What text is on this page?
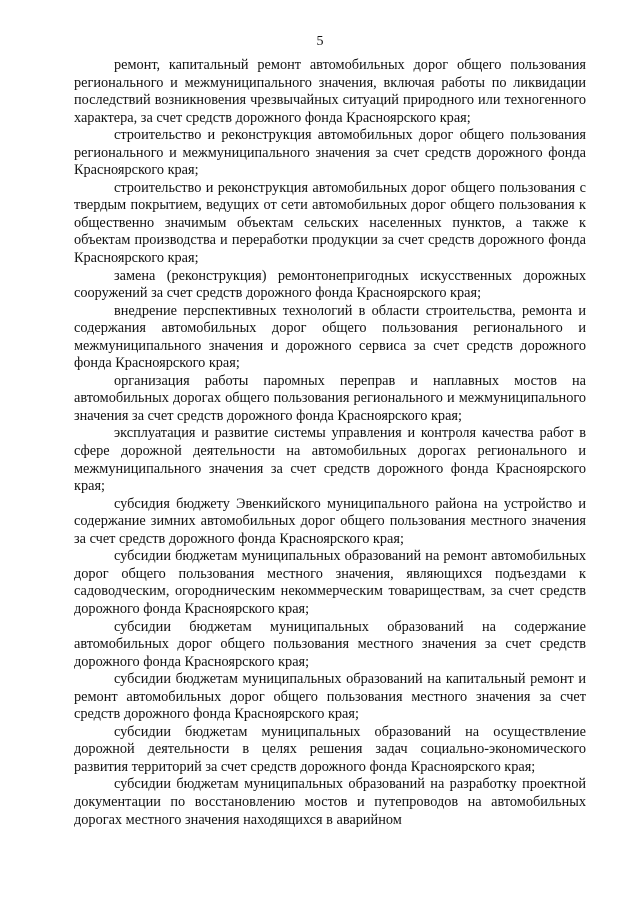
5

ремонт, капитальный ремонт автомобильных дорог общего пользования регионального и межмуниципального значения, включая работы по ликвидации последствий возникновения чрезвычайных ситуаций природного или техногенного характера, за счет средств дорожного фонда Красноярского края;

строительство и реконструкция автомобильных дорог общего пользования регионального и межмуниципального значения за счет средств дорожного фонда Красноярского края;

строительство и реконструкция автомобильных дорог общего пользования с твердым покрытием, ведущих от сети автомобильных дорог общего пользования к общественно значимым объектам сельских населенных пунктов, а также к объектам производства и переработки продукции за счет средств дорожного фонда Красноярского края;

замена (реконструкция) ремонтонепригодных искусственных дорожных сооружений за счет средств дорожного фонда Красноярского края;

внедрение перспективных технологий в области строительства, ремонта и содержания автомобильных дорог общего пользования регионального и межмуниципального значения и дорожного сервиса за счет средств дорожного фонда Красноярского края;

организация работы паромных переправ и наплавных мостов на автомобильных дорогах общего пользования регионального и межмуниципального значения за счет средств дорожного фонда Красноярского края;

эксплуатация и развитие системы управления и контроля качества работ в сфере дорожной деятельности на автомобильных дорогах регионального и межмуниципального значения за счет средств дорожного фонда Красноярского края;

субсидия бюджету Эвенкийского муниципального района на устройство и содержание зимних автомобильных дорог общего пользования местного значения за счет средств дорожного фонда Красноярского края;

субсидии бюджетам муниципальных образований на ремонт автомобильных дорог общего пользования местного значения, являющихся подъездами к садоводческим, огородническим некоммерческим товариществам, за счет средств дорожного фонда Красноярского края;

субсидии бюджетам муниципальных образований на содержание автомобильных дорог общего пользования местного значения за счет средств дорожного фонда Красноярского края;

субсидии бюджетам муниципальных образований на капитальный ремонт и ремонт автомобильных дорог общего пользования местного значения за счет средств дорожного фонда Красноярского края;

субсидии бюджетам муниципальных образований на осуществление дорожной деятельности в целях решения задач социально-экономического развития территорий за счет средств дорожного фонда Красноярского края;

субсидии бюджетам муниципальных образований на разработку проектной документации по восстановлению мостов и путепроводов на автомобильных дорогах местного значения находящихся в аварийном
